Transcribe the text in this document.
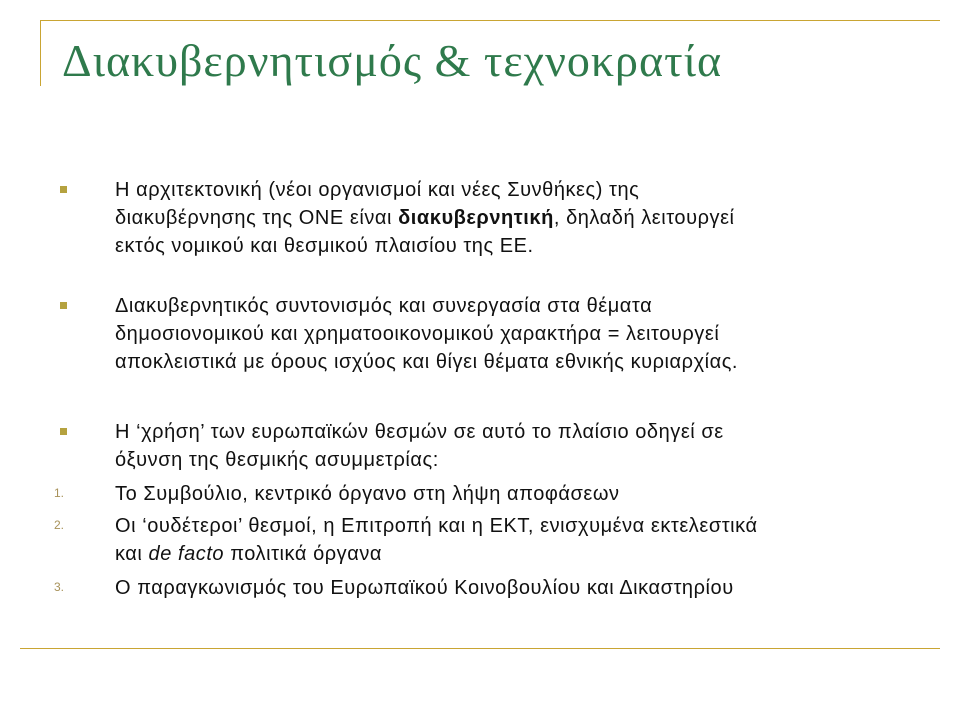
Διακυβερνητισμός & τεχνοκρατία
Η αρχιτεκτονική (νέοι οργανισμοί και νέες Συνθήκες) της
διακυβέρνησης της ΟΝΕ είναι διακυβερνητική, δηλαδή λειτουργεί
εκτός νομικού και θεσμικού πλαισίου της ΕΕ.
Διακυβερνητικός συντονισμός και συνεργασία στα θέματα
δημοσιονομικού και χρηματοοικονομικού χαρακτήρα = λειτουργεί
αποκλειστικά με όρους ισχύος και θίγει θέματα εθνικής κυριαρχίας.
Η ‘χρήση’ των ευρωπαϊκών θεσμών σε αυτό το πλαίσιο οδηγεί σε
όξυνση της θεσμικής ασυμμετρίας:
1.	Το Συμβούλιο, κεντρικό όργανο στη λήψη αποφάσεων
2.	Οι ‘ουδέτεροι’ θεσμοί, η Επιτροπή και η ΕΚΤ, ενισχυμένα εκτελεστικά
και de facto πολιτικά όργανα
3.	Ο παραγκωνισμός του Ευρωπαϊκού Κοινοβουλίου και Δικαστηρίου
